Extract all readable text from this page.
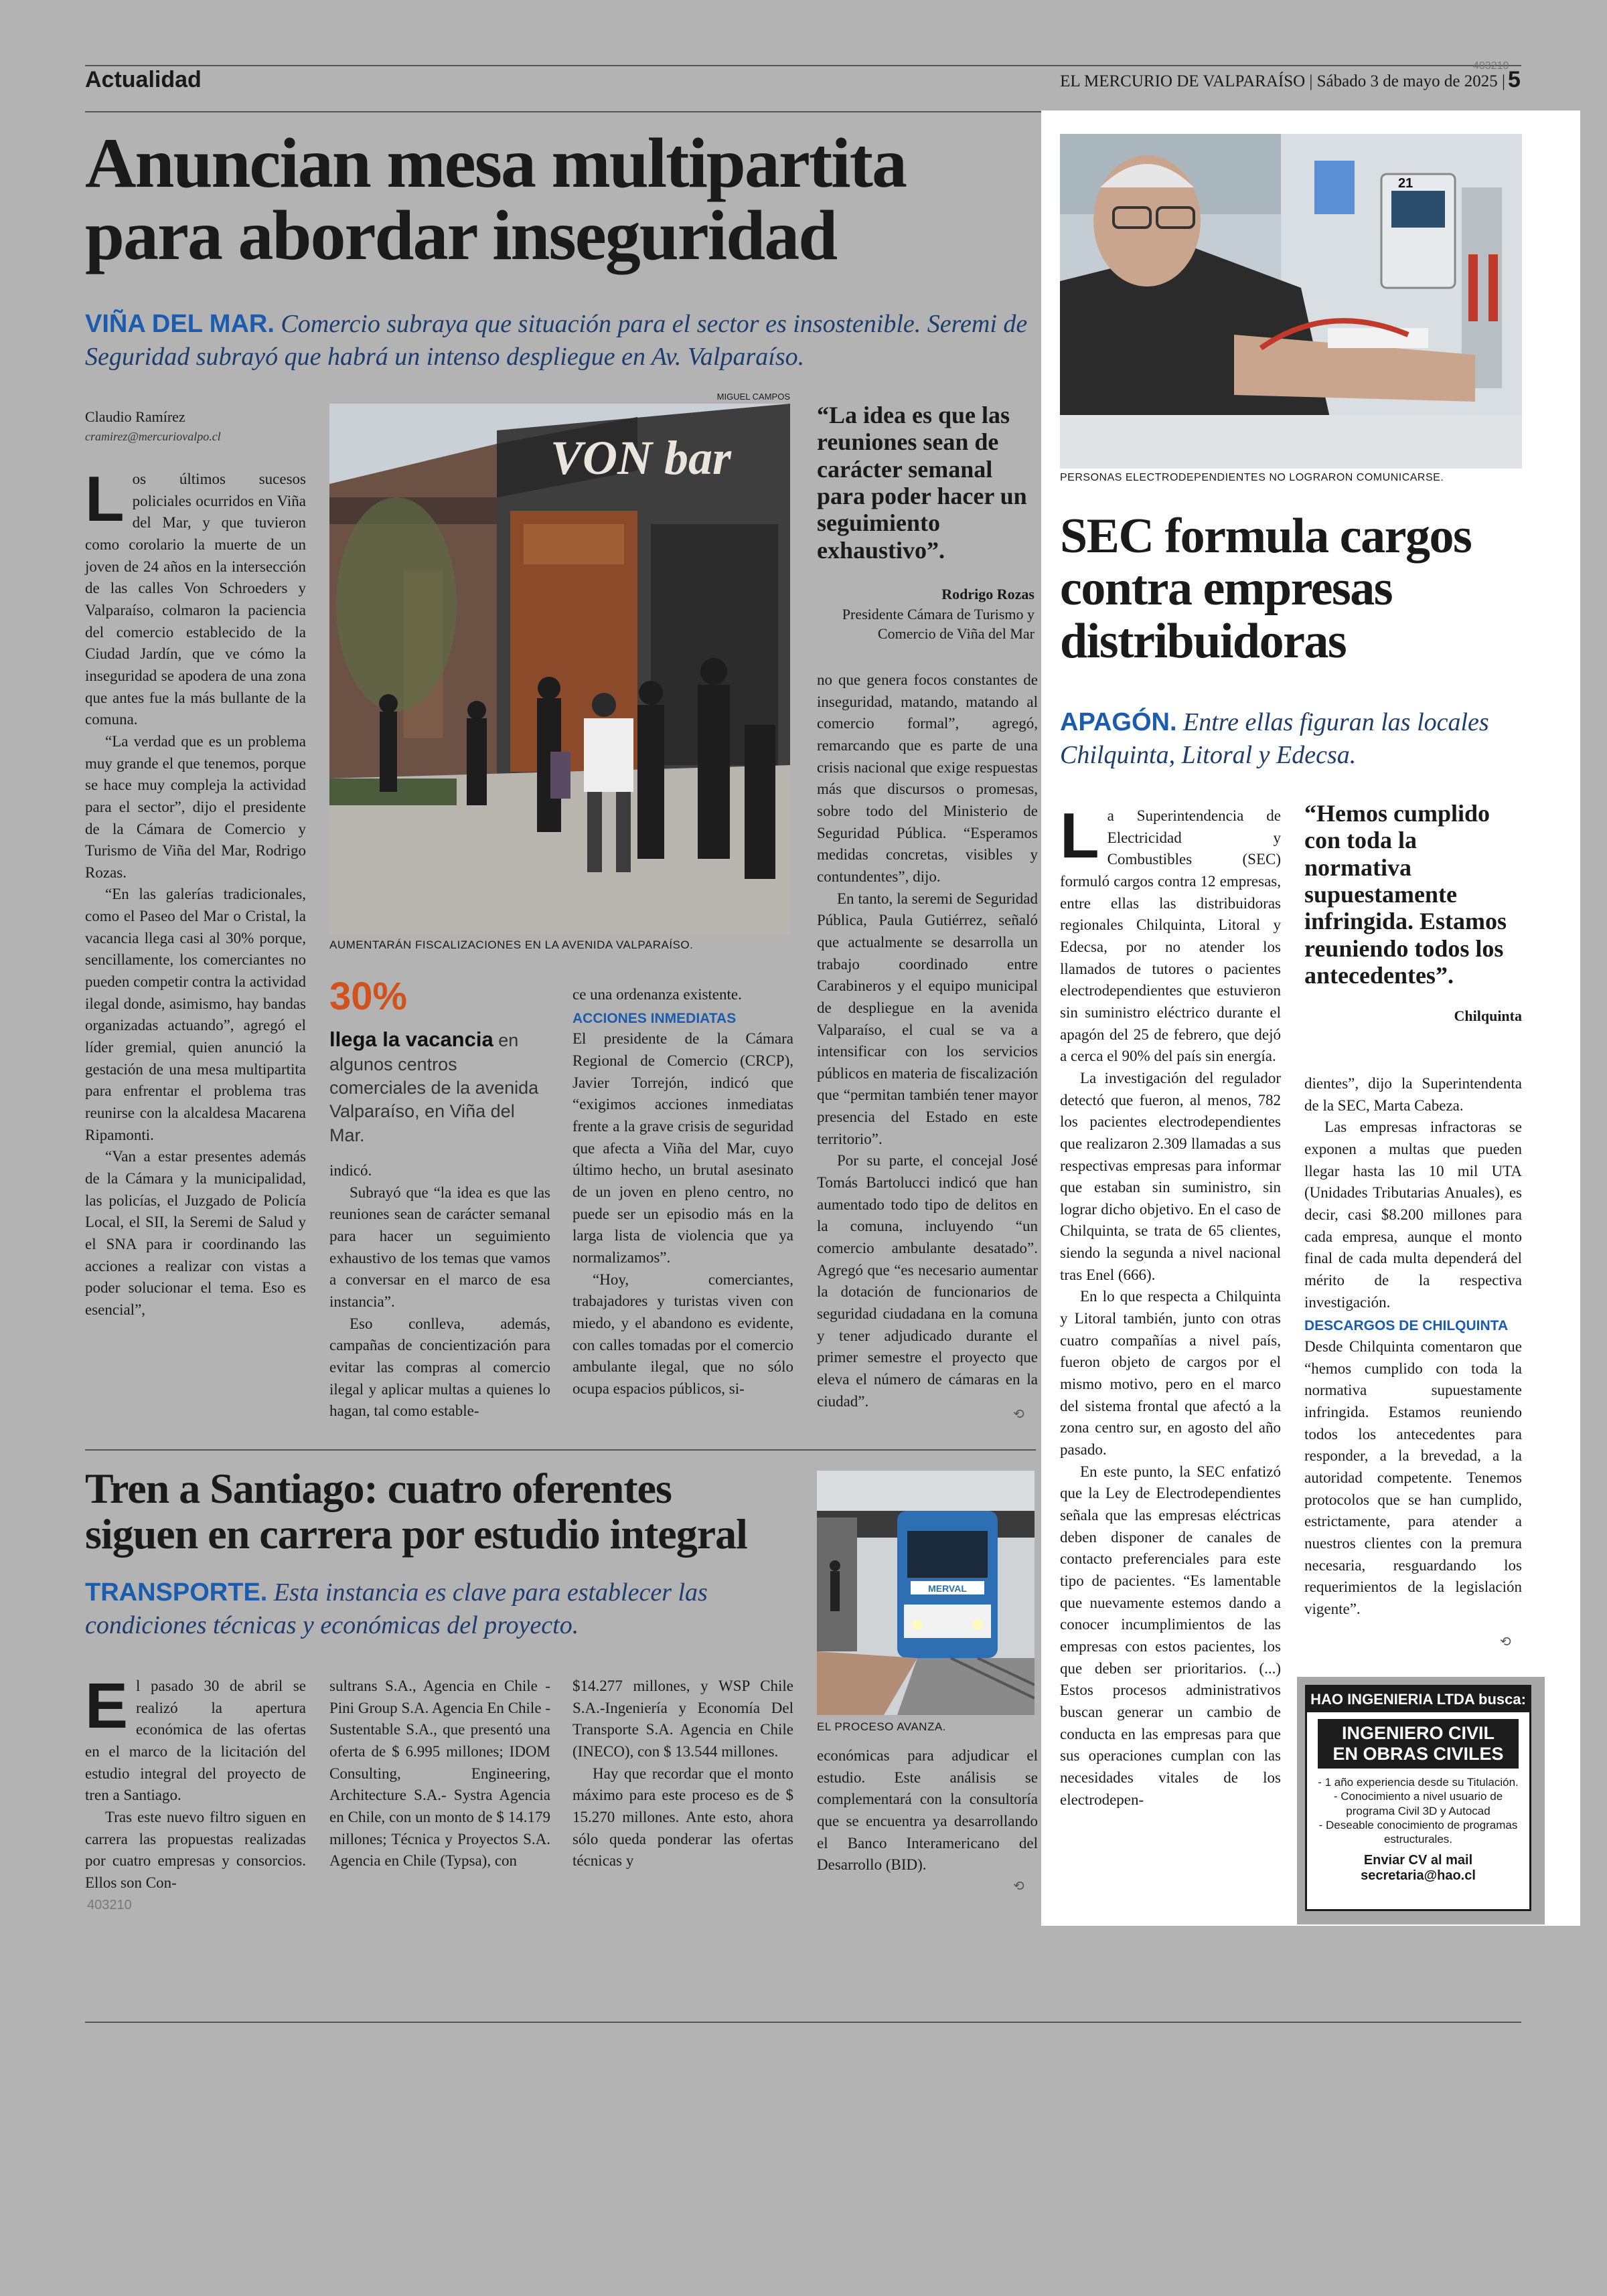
Actualidad	EL MERCURIO DE VALPARAÍSO | Sábado 3 de mayo de 2025 | 5
403210
Anuncian mesa multipartita
para abordar inseguridad
VIÑA DEL MAR. Comercio subraya que situación para el sector es insostenible. Seremi de Seguridad subrayó que habrá un intenso despliegue en Av. Valparaíso.
Claudio Ramírez
cramirez@mercuriovalpo.cl

Los últimos sucesos policiales ocurridos en Viña del Mar, y que tuvieron como corolario la muerte de un joven de 24 años en la intersección de las calles Von Schroeders y Valparaíso, colmaron la paciencia del comercio establecido de la Ciudad Jardín, que ve cómo la inseguridad se apodera de una zona que antes fue la más bullante de la comuna.

“La verdad que es un problema muy grande el que tenemos, porque se hace muy compleja la actividad para el sector”, dijo el presidente de la Cámara de Comercio y Turismo de Viña del Mar, Rodrigo Rozas.

“En las galerías tradicionales, como el Paseo del Mar o Cristal, la vacancia llega casi al 30% porque, sencillamente, los comerciantes no pueden competir contra la actividad ilegal donde, asimismo, hay bandas organizadas actuando”, agregó el líder gremial, quien anunció la gestación de una mesa multipartita para enfrentar el problema tras reunirse con la alcaldesa Macarena Ripamonti.

“Van a estar presentes además de la Cámara y la municipalidad, las policías, el Juzgado de Policía Local, el SII, la Seremi de Salud y el SNA para ir coordinando las acciones a realizar con vistas a poder solucionar el tema. Eso es esencial”,

MIGUEL CAMPOS
VON bar
AUMENTARÁN FISCALIZACIONES EN LA AVENIDA VALPARAÍSO.
30%
llega la vacancia en algunos centros comerciales de la avenida Valparaíso, en Viña del Mar.

indicó.

Subrayó que “la idea es que las reuniones sean de carácter semanal para hacer un seguimiento exhaustivo de los temas que vamos a conversar en el marco de esa instancia”.

Eso conlleva, además, campañas de concientización para evitar las compras al comercio ilegal y aplicar multas a quienes lo hagan, tal como estable-

ce una ordenanza existente.

ACCIONES INMEDIATAS

El presidente de la Cámara Regional de Comercio (CRCP), Javier Torrejón, indicó que “exigimos acciones inmediatas frente a la grave crisis de seguridad que afecta a Viña del Mar, cuyo último hecho, un brutal asesinato de un joven en pleno centro, no puede ser un episodio más en la larga lista de violencia que ya normalizamos”.

“Hoy, comerciantes, trabajadores y turistas viven con miedo, y el abandono es evidente, con calles tomadas por el comercio ambulante ilegal, que no sólo ocupa espacios públicos, si-

“La idea es que las reuniones sean de carácter semanal para poder hacer un seguimiento exhaustivo”.
Rodrigo Rozas
Presidente Cámara de Turismo y Comercio de Viña del Mar

no que genera focos constantes de inseguridad, matando, matando al comercio formal”, agregó, remarcando que es parte de una crisis nacional que exige respuestas más que discursos o promesas, sobre todo del Ministerio de Seguridad Pública. “Esperamos medidas concretas, visibles y contundentes”, dijo.

En tanto, la seremi de Seguridad Pública, Paula Gutiérrez, señaló que actualmente se desarrolla un trabajo coordinado entre Carabineros y el equipo municipal de despliegue en la avenida Valparaíso, el cual se va a intensificar con los servicios públicos en materia de fiscalización que “permitan también tener mayor presencia del Estado en este territorio”.

Por su parte, el concejal José Tomás Bartolucci indicó que han aumentado todo tipo de delitos en la comuna, incluyendo “un comercio ambulante desatado”. Agregó que “es necesario aumentar la dotación de funcionarios de seguridad ciudadana en la comuna y tener adjudicado durante el primer semestre el proyecto que eleva el número de cámaras en la ciudad”.

⟲
Tren a Santiago: cuatro oferentes
siguen en carrera por estudio integral
TRANSPORTE. Esta instancia es clave para establecer las condiciones técnicas y económicas del proyecto.

El pasado 30 de abril se realizó la apertura económica de las ofertas en el marco de la licitación del estudio integral del proyecto de tren a Santiago.

Tras este nuevo filtro siguen en carrera las propuestas realizadas por cuatro empresas y consorcios. Ellos son Con-

403210

sultrans S.A., Agencia en Chile -Pini Group S.A. Agencia En Chile - Sustentable S.A., que presentó una oferta de $ 6.995 millones; IDOM Consulting, Engineering, Architecture S.A.- Systra Agencia en Chile, con un monto de $ 14.179 millones; Técnica y Proyectos S.A. Agencia en Chile (Typsa), con

$14.277 millones, y WSP Chile S.A.-Ingeniería y Economía Del Transporte S.A. Agencia en Chile (INECO), con $ 13.544 millones.

Hay que recordar que el monto máximo para este proceso es de $ 15.270 millones. Ante esto, ahora sólo queda ponderar las ofertas técnicas y

MERVAL
EL PROCESO AVANZA.

económicas para adjudicar el estudio. Este análisis se complementará con la consultoría que se encuentra ya desarrollando el Banco Interamericano del Desarrollo (BID).

⟲
21
PERSONAS ELECTRODEPENDIENTES NO LOGRARON COMUNICARSE.
SEC formula cargos
contra empresas
distribuidoras
APAGÓN. Entre ellas figuran las locales Chilquinta, Litoral y Edecsa.

La Superintendencia de Electricidad y Combustibles (SEC) formuló cargos contra 12 empresas, entre ellas las distribuidoras regionales Chilquinta, Litoral y Edecsa, por no atender los llamados de tutores o pacientes electrodependientes que estuvieron sin suministro eléctrico durante el apagón del 25 de febrero, que dejó a cerca el 90% del país sin energía.

La investigación del regulador detectó que fueron, al menos, 782 los pacientes electrodependientes que realizaron 2.309 llamadas a sus respectivas empresas para informar que estaban sin suministro, sin lograr dicho objetivo. En el caso de Chilquinta, se trata de 65 clientes, siendo la segunda a nivel nacional tras Enel (666).

En lo que respecta a Chilquinta y Litoral también, junto con otras cuatro compañías a nivel país, fueron objeto de cargos por el mismo motivo, pero en el marco del sistema frontal que afectó a la zona centro sur, en agosto del año pasado.

En este punto, la SEC enfatizó que la Ley de Electrodependientes señala que las empresas eléctricas deben disponer de canales de contacto preferenciales para este tipo de pacientes. “Es lamentable que nuevamente estemos dando a conocer incumplimientos de las empresas con estos pacientes, los que deben ser prioritarios. (...) Estos procesos administrativos buscan generar un cambio de conducta en las empresas para que sus operaciones cumplan con las necesidades vitales de los electrodepen-

“Hemos cumplido con toda la normativa supuestamente infringida. Estamos reuniendo todos los antecedentes”.
Chilquinta

dientes”, dijo la Superintendenta de la SEC, Marta Cabeza.

Las empresas infractoras se exponen a multas que pueden llegar hasta las 10 mil UTA (Unidades Tributarias Anuales), es decir, casi $8.200 millones para cada empresa, aunque el monto final de cada multa dependerá del mérito de la respectiva investigación.

DESCARGOS DE CHILQUINTA

Desde Chilquinta comentaron que “hemos cumplido con toda la normativa supuestamente infringida. Estamos reuniendo todos los antecedentes para responder, a la brevedad, a la autoridad competente. Tenemos protocolos que se han cumplido, estrictamente, para atender a nuestros clientes con la premura necesaria, resguardando los requerimientos de la legislación vigente”.

⟲
HAO INGENIERIA LTDA busca:
INGENIERO CIVIL
EN OBRAS CIVILES
- 1 año experiencia desde su Titulación.
- Conocimiento a nivel usuario de programa Civil 3D y Autocad
- Deseable conocimiento de programas estructurales.
Enviar CV al mail secretaria@hao.cl
